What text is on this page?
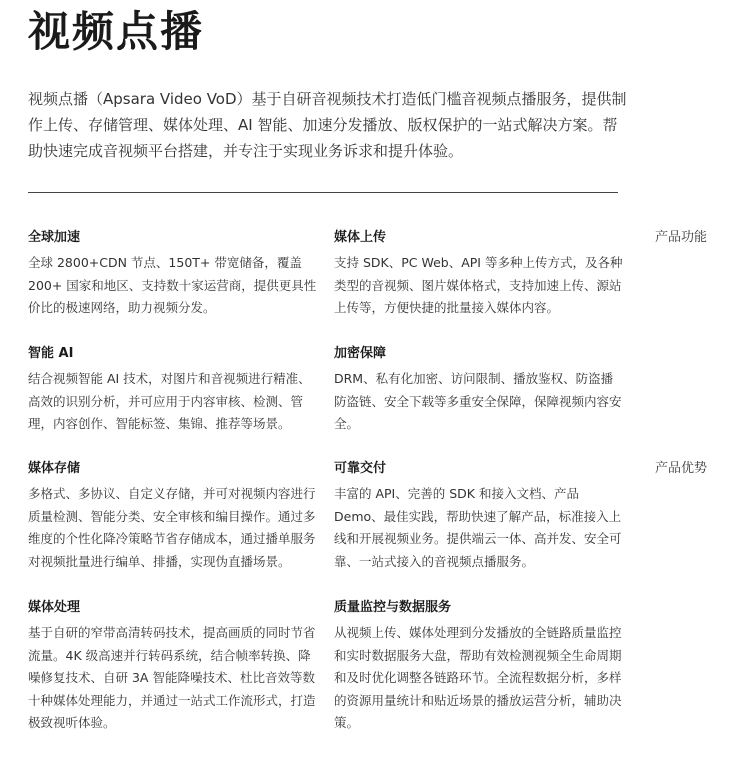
视频点播

视频点播（Apsara Video VoD）基于自研音视频技术打造低门槛音视频点播服务，提供制作上传、存储管理、媒体处理、AI 智能、加速分发播放、版权保护的一站式解决方案。帮助快速完成音视频平台搭建，并专注于实现业务诉求和提升体验。

全球加速

全球 2800+CDN 节点、150T+ 带宽储备，覆盖 200+ 国家和地区、支持数十家运营商，提供更具性价比的极速网络，助力视频分发。

媒体上传

支持 SDK、PC Web、API 等多种上传方式，及各种类型的音视频、图片媒体格式，支持加速上传、源站上传等，方便快捷的批量接入媒体内容。

产品功能
智能 AI

结合视频智能 AI 技术，对图片和音视频进行精准、高效的识别分析，并可应用于内容审核、检测、管理，内容创作、智能标签、集锦、推荐等场景。

加密保障

DRM、私有化加密、访问限制、播放鉴权、防盗播防盗链、安全下载等多重安全保障，保障视频内容安全。

媒体存储

多格式、多协议、自定义存储，并可对视频内容进行质量检测、智能分类、安全审核和编目操作。通过多维度的个性化降冷策略节省存储成本，通过播单服务对视频批量进行编单、排播，实现伪直播场景。

可靠交付

丰富的 API、完善的 SDK 和接入文档、产品 Demo、最佳实践，帮助快速了解产品，标准接入上线和开展视频业务。提供端云一体、高并发、安全可靠、一站式接入的音视频点播服务。

产品优势
媒体处理

基于自研的窄带高清转码技术，提高画质的同时节省流量。4K 级高速并行转码系统，结合帧率转换、降噪修复技术、自研 3A 智能降噪技术、杜比音效等数十种媒体处理能力，并通过一站式工作流形式，打造极致视听体验。

质量监控与数据服务

从视频上传、媒体处理到分发播放的全链路质量监控和实时数据服务大盘，帮助有效检测视频全生命周期和及时优化调整各链路环节。全流程数据分析，多样的资源用量统计和贴近场景的播放运营分析，辅助决策。
